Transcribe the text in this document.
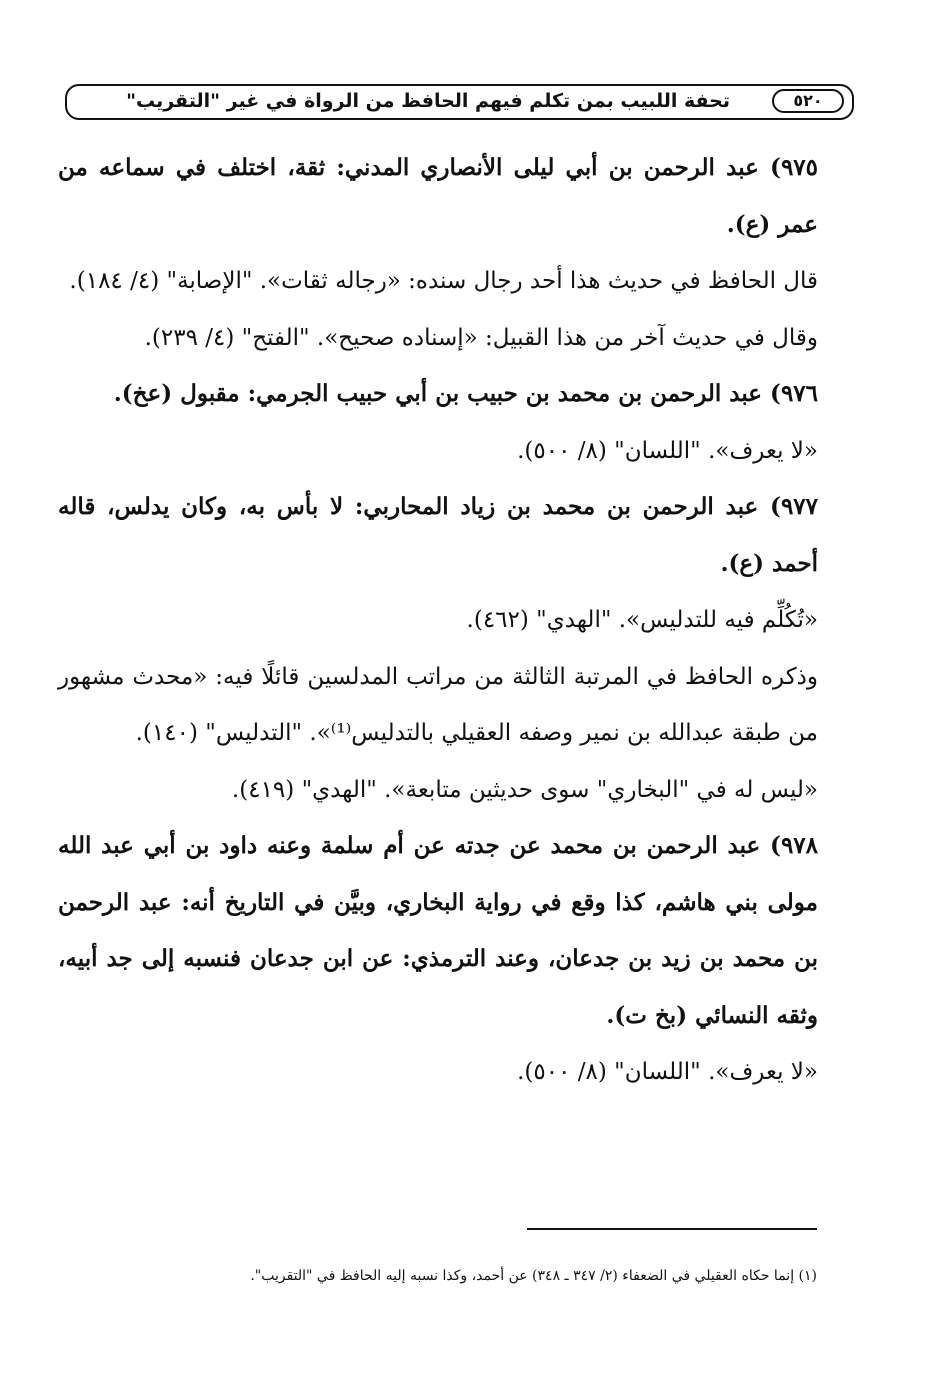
تحفة اللبيب بمن تكلم فيهم الحافظ من الرواة في غير "التقريب"	٥٢٠

٩٧٥) عبد الرحمن بن أبي ليلى الأنصاري المدني: ثقة، اختلف في سماعه من عمر (ع).

قال الحافظ في حديث هذا أحد رجال سنده: «رجاله ثقات». "الإصابة" (٤/ ١٨٤).

وقال في حديث آخر من هذا القبيل: «إسناده صحيح». "الفتح" (٤/ ٢٣٩).

٩٧٦) عبد الرحمن بن محمد بن حبيب بن أبي حبيب الجرمي: مقبول (عخ).

«لا يعرف». "اللسان" (٨/ ٥٠٠).

٩٧٧) عبد الرحمن بن محمد بن زياد المحاربي: لا بأس به، وكان يدلس، قاله أحمد (ع).

«تُكُلِّم فيه للتدليس». "الهدي" (٤٦٢).

وذكره الحافظ في المرتبة الثالثة من مراتب المدلسين قائلًا فيه: «محدث مشهور من طبقة عبدالله بن نمير وصفه العقيلي بالتدليس⁽¹⁾». "التدليس" (١٤٠).

«ليس له في "البخاري" سوى حديثين متابعة». "الهدي" (٤١٩).

٩٧٨) عبد الرحمن بن محمد عن جدته عن أم سلمة وعنه داود بن أبي عبد الله مولى بني هاشم، كذا وقع في رواية البخاري، وبيَّن في التاريخ أنه: عبد الرحمن بن محمد بن زيد بن جدعان، وعند الترمذي: عن ابن جدعان فنسبه إلى جد أبيه، وثقه النسائي (بخ ت).

«لا يعرف». "اللسان" (٨/ ٥٠٠).

(١) إنما حكاه العقيلي في الضعفاء (٢/ ٣٤٧ ـ ٣٤٨) عن أحمد، وكذا نسبه إليه الحافظ في "التقريب".
